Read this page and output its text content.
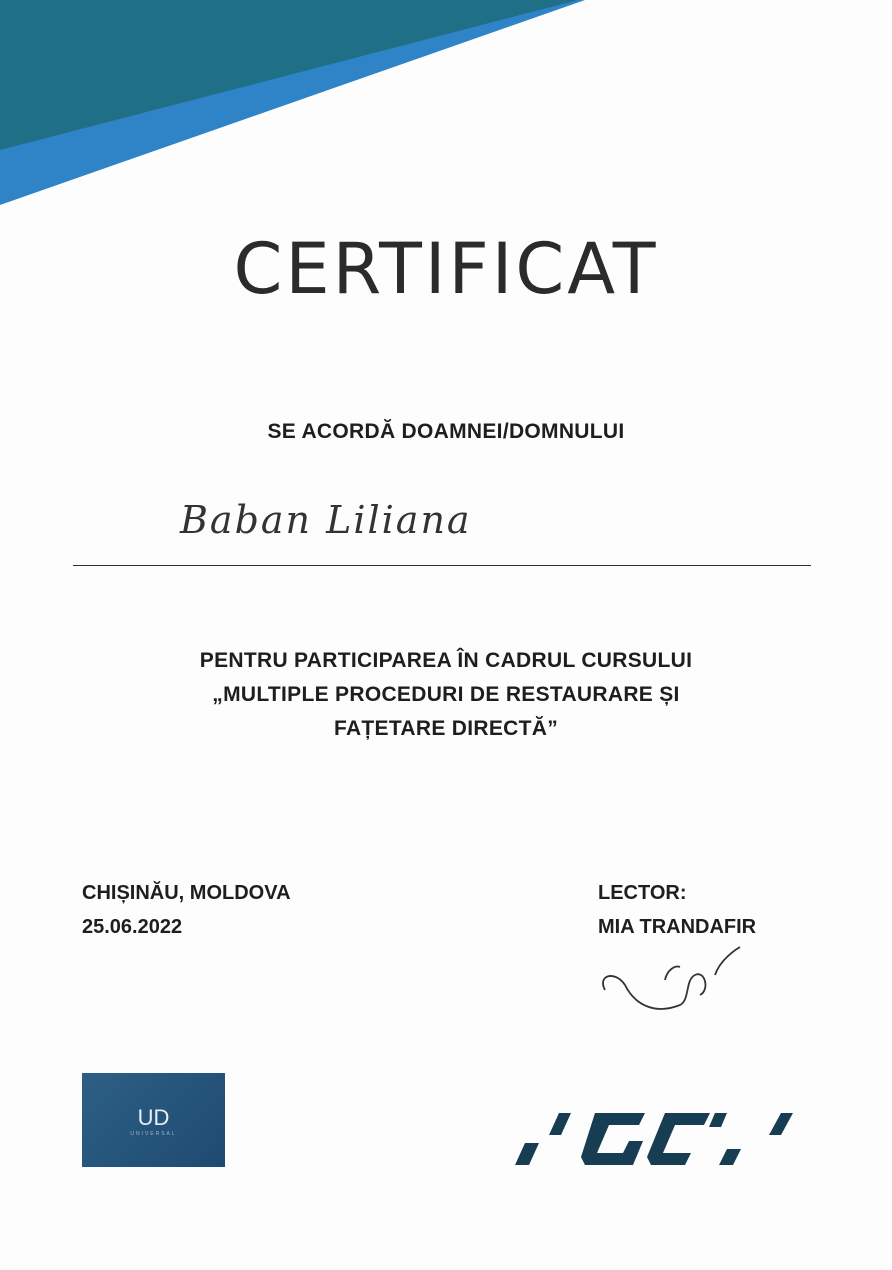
CERTIFICAT
SE ACORDĂ DOAMNEI/DOMNULUI
Baban Liliana
PENTRU PARTICIPAREA ÎN CADRUL CURSULUI
„MULTIPLE PROCEDURI DE RESTAURARE ȘI
FAȚETARE DIRECTĂ”
CHIȘINĂU, MOLDOVA
25.06.2022
LECTOR:
MIA TRANDAFIR
UD
UNIVERSAL
